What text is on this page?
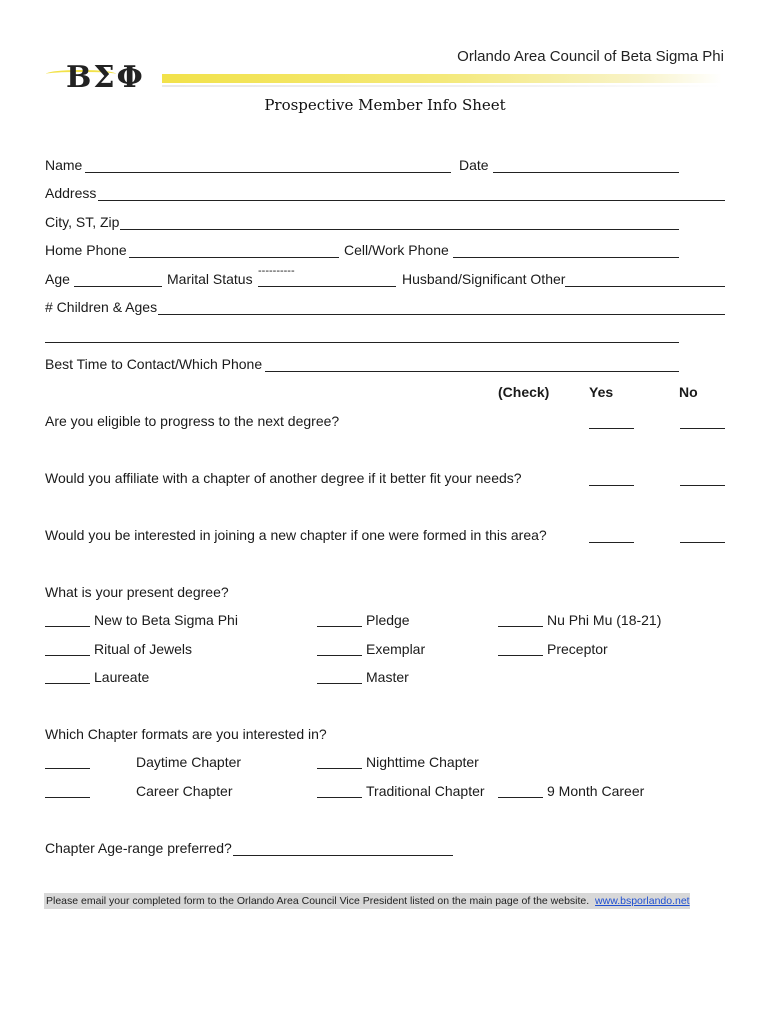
Orlando Area Council of Beta Sigma Phi
ΒΣΦ
Prospective Member Info Sheet
Name	Date
Address
City, ST, Zip
Home Phone	Cell/Work Phone
Age	Marital Status ----------	Husband/Significant Other
# Children & Ages
Best Time to Contact/Which Phone
(Check)	Yes	No
Are you eligible to progress to the next degree?
Would you affiliate with a chapter of another degree if it better fit your needs?
Would you be interested in joining a new chapter if one were formed in this area?
What is your present degree?
New to Beta Sigma Phi	Pledge	Nu Phi Mu (18-21)
Ritual of Jewels	Exemplar	Preceptor
Laureate	Master
Which Chapter formats are you interested in?
Daytime Chapter	Nighttime Chapter
Career Chapter	Traditional Chapter	9 Month Career
Chapter Age-range preferred?
Please email your completed form to the Orlando Area Council Vice President listed on the main page of the website. www.bsporlando.net
